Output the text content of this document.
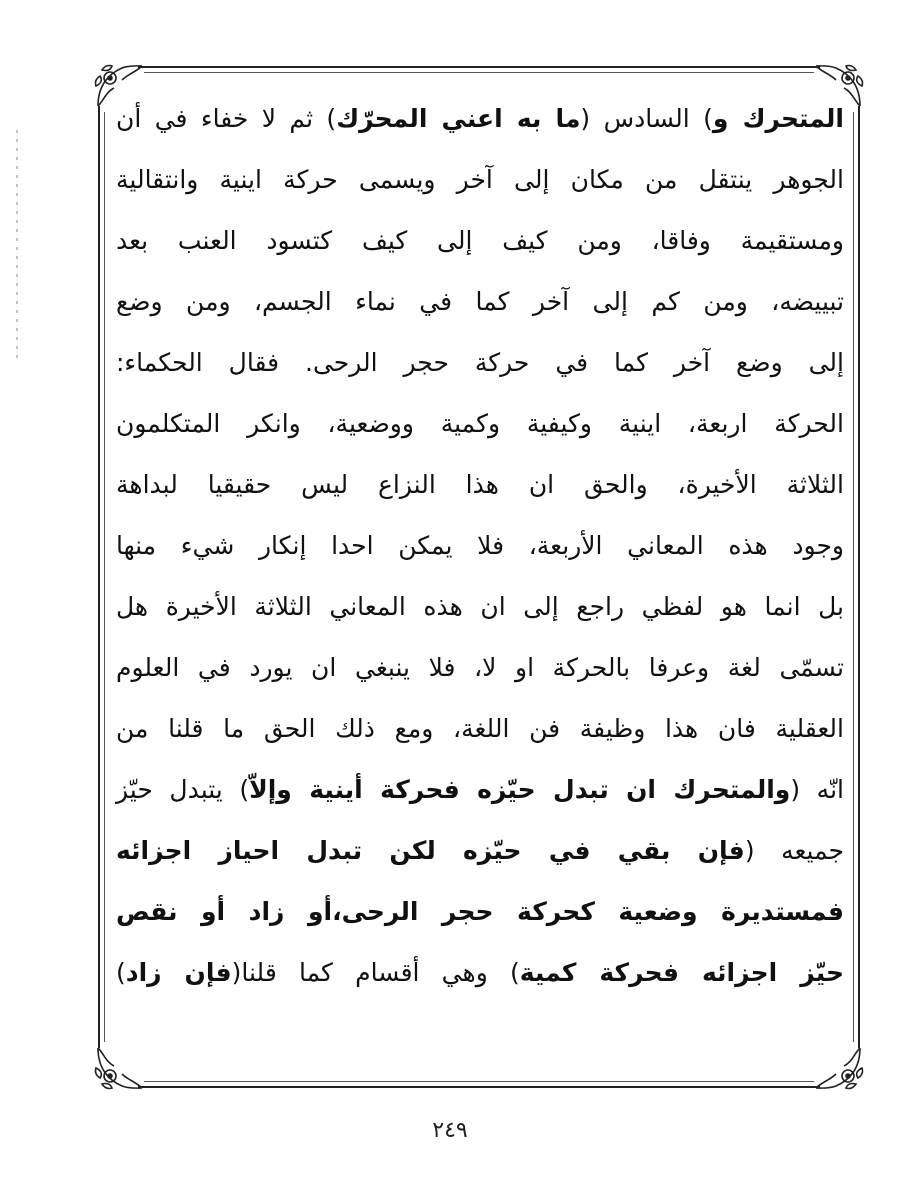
المتحرك و) السادس (ما به اعني المحرّك) ثم لا خفاء في أن
الجوهر ينتقل من مكان إلى آخر ويسمى حركة اينية وانتقالية
ومستقيمة وفاقا، ومن كيف إلى كيف كتسود العنب بعد
تبييضه، ومن كم إلى آخر كما في نماء الجسم، ومن وضع
إلى وضع آخر كما في حركة حجر الرحى. فقال الحكماء:
الحركة اربعة، اينية وكيفية وكمية ووضعية، وانكر المتكلمون
الثلاثة الأخيرة، والحق ان هذا النزاع ليس حقيقيا لبداهة
وجود هذه المعاني الأربعة، فلا يمكن احدا إنكار شيء منها
بل انما هو لفظي راجع إلى ان هذه المعاني الثلاثة الأخيرة هل
تسمّى لغة وعرفا بالحركة او لا، فلا ينبغي ان يورد في العلوم
العقلية فان هذا وظيفة فن اللغة، ومع ذلك الحق ما قلنا من
انّه (والمتحرك ان تبدل حيّزه فحركة أينية وإلاّ) يتبدل حيّز
جميعه (فإن بقي في حيّزه لكن تبدل احياز اجزائه
فمستديرة وضعية كحركة حجر الرحى،أو زاد أو نقص
حيّز اجزائه فحركة كمية) وهي أقسام كما قلنا(فإن زاد)
٢٤٩
